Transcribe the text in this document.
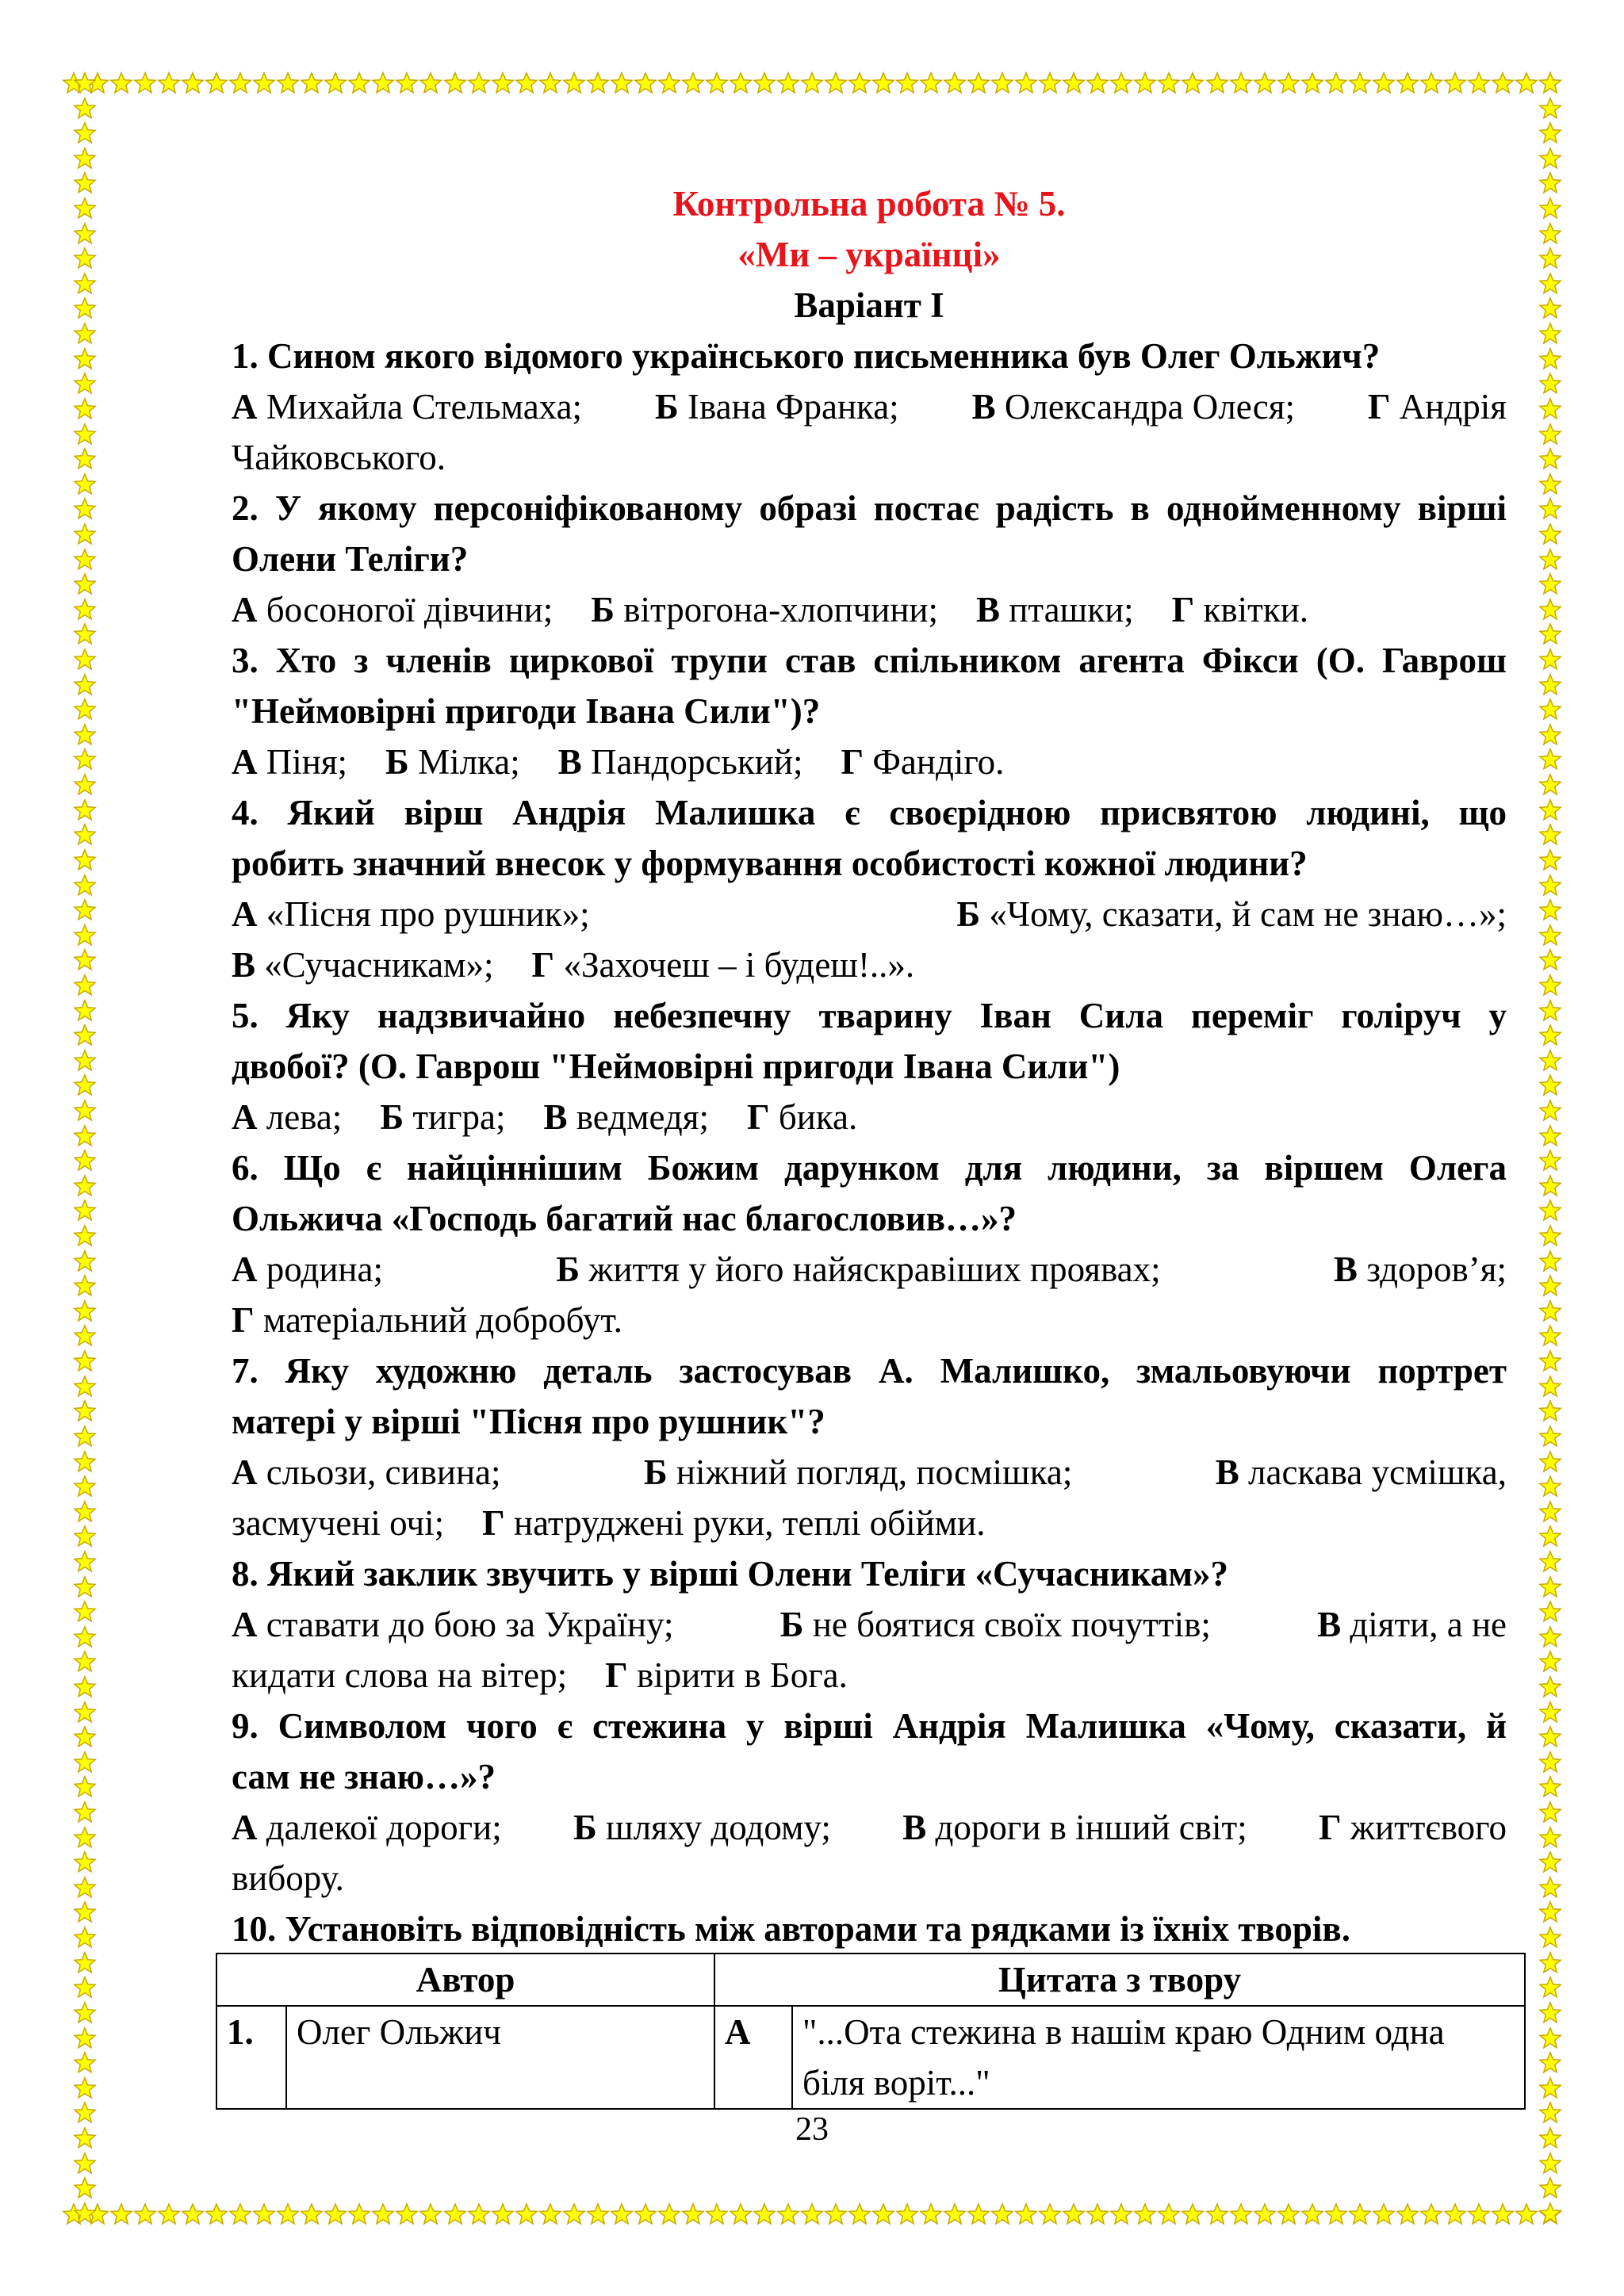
Контрольна робота № 5.
«Ми – українці»
Варіант І
1. Сином якого відомого українського письменника був Олег Ольжич?
А Михайла Стельмаха; Б Івана Франка; В Олександра Олеся; Г Андрія
Чайковського.
2. У якому персоніфікованому образі постає радість в однойменному вірші
Олени Теліги?
А босоногої дівчини; Б вітрогона-хлопчини; В пташки; Г квітки.
3. Хто з членів циркової трупи став спільником агента Фікси (О. Гаврош
"Неймовірні пригоди Івана Сили")?
А Піня; Б Мілка; В Пандорський; Г Фандіго.
4. Який вірш Андрія Малишка є своєрідною присвятою людині, що
робить значний внесок у формування особистості кожної людини?
А «Пісня про рушник»;	Б «Чому, сказати, й сам не знаю…»;
В «Сучасникам»; Г «Захочеш – і будеш!..».
5. Яку надзвичайно небезпечну тварину Іван Сила переміг голіруч у
двобої? (О. Гаврош "Неймовірні пригоди Івана Сили")
А лева; Б тигра; В ведмедя; Г бика.
6. Що є найціннішим Божим дарунком для людини, за віршем Олега
Ольжича «Господь багатий нас благословив…»?
А родина;	Б життя у його найяскравіших проявах;	В здоров’я;
Г матеріальний добробут.
7. Яку художню деталь застосував А. Малишко, змальовуючи портрет
матері у вірші "Пісня про рушник"?
А сльози, сивина;	Б ніжний погляд, посмішка;	В ласкава усмішка,
засмучені очі; Г натруджені руки, теплі обійми.
8. Який заклик звучить у вірші Олени Теліги «Сучасникам»?
А ставати до бою за Україну;	Б не боятися своїх почуттів;	В діяти, а не
кидати слова на вітер; Г вірити в Бога.
9. Символом чого є стежина у вірші Андрія Малишка «Чому, сказати, й
сам не знаю…»?
А далекої дороги; Б шляху додому; В дороги в інший світ; Г життєвого
вибору.
10. Установіть відповідність між авторами та рядками із їхніх творів.
Автор		Цитата з твору	
1.	Олег Ольжич	А	"...Ота стежина в нашім краю Одним одна
біля воріт..."
23
